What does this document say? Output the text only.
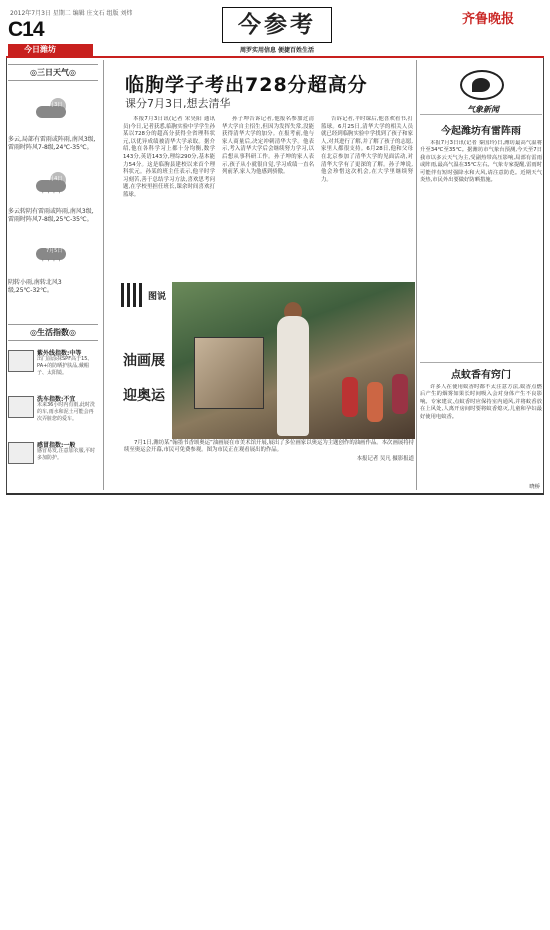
2012年7月3日 星期二 编辑 庄文石 组版 刘炜
C14
今日潍坊
今参考
周罗实用信息 便捷百姓生活
齐鲁晚报
◎三日天气◎
7月3日
多云,局部有雷雨或阵雨,南风3级,雷雨时阵风7-8级,24℃-35℃。
' ' ' '
7月4日
多云转阴有雷雨或阵雨,南风3级,雷雨时阵风7-8级,25℃-35℃。
' ' ' '
7月5日
阴转小雨,南转北风3级,25℃-32℃。
◎生活指数◎
紫外线指数:中等
出门前涂抹SPF高于15、PA+的防晒护肤品,戴帽子、太阳镜。
洗车指数:不宜
未来36小时内有雨,此时洗的车,雨水和泥土可能会再次弄脏您的爱车。
感冒指数:一般
感冒易发,注意加衣服,平时多加防护。
临朐学子考出728分超高分
课分7月3日,想去清华
本报7月3日讯(记者 宋昊阳 通讯员)今日,记者获悉,临朐实验中学学生孙某以728分的超高分获得全省理科状元,以优异成绩被清华大学录取。据介绍,他在各科学习上都十分均衡,数学143分,英语143分,理综290分,基本能力54分。这是临朐县建校以来首个理科状元。孙某的班主任表示,他平时学习刻苦,善于总结学习方法,喜欢思考问题,在学校里担任班长,课余时间喜欢打篮球。
孙子坤告诉记者,他报名参加过清华大学自主招生,但因为发挥失常,没能获得清华大学的加分。在报考前,他与家人商量后,决定冲刺清华大学。他表示,考入清华大学后会继续努力学习,以后想从事科研工作。孙子坤的家人表示,孩子从小就很自觉,学习成绩一直名列前茅,家人为他感到骄傲。
告诉记者,平时课后,他喜欢看书,打篮球。6月25日,清华大学的相关人员就已经到临朐实验中学找到了孩子和家人,对其进行了解,并了解了孩子的志愿,家里人都很支持。6月28日,他和父母在北京参加了清华大学的见面活动,对清华大学有了更深的了解。孙子坤说,他会珍惜这次机会,在大学里继续努力。
图说
油画展
迎奥运
7月1日,潍坊某“翰墨书香颂奥运”油画展在市美术馆开展,展出了多位画家以奥运为主题创作的油画作品。本次画展将持续至奥运会开幕,市民可免费参观。图为市民正在观看展出的作品。
本报记者 吴凡 摄影报道
气象新闻
今起潍坊有雷阵雨
本报7月3日讯(记者 秦国玲)日,潍坊最高气温将升至34℃至35℃。据潍坊市气象台预测,今天至7日我市以多云天气为主,受副热带高压影响,局部有雷雨或阵雨,最高气温在35℃左右。气象专家提醒,雷雨时可能伴有短时强降水和大风,请注意防范。近期天气炎热,市民外出要做好防晒措施。
点蚊香有窍门
许多人在使用蚊香时都不太注意方法,蚊香点燃后产生的烟雾如果长时间吸入会对身体产生不良影响。专家建议,点蚊香时应保持室内通风,并将蚊香放在上风处,人离开房间时要将蚊香熄灭,儿童和孕妇最好使用电蚊香。
晓桥
